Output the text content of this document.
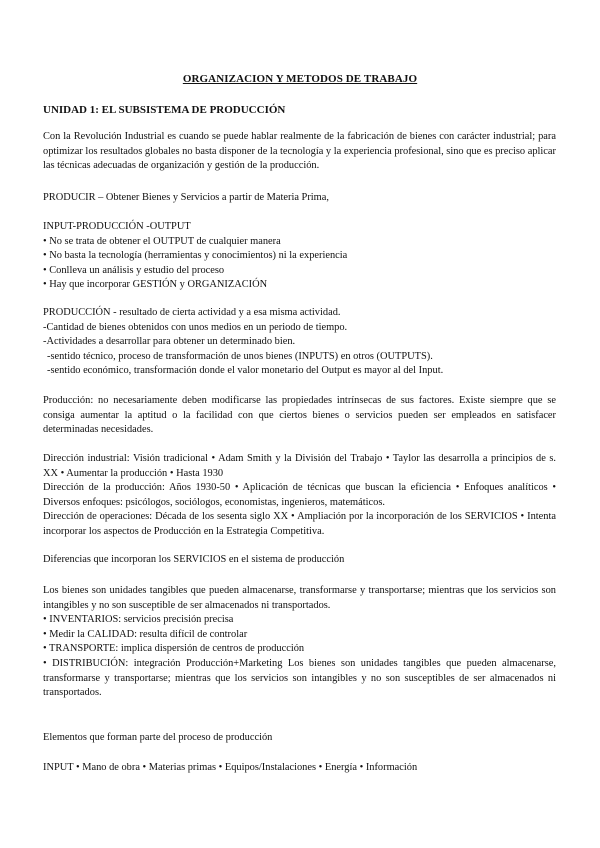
ORGANIZACION Y METODOS DE TRABAJO
UNIDAD 1: EL SUBSISTEMA DE PRODUCCIÓN

Con la Revolución Industrial es cuando se puede hablar realmente de la fabricación de bienes con carácter industrial; para optimizar los resultados globales no basta disponer de la tecnología y la experiencia profesional, sino que es preciso aplicar las técnicas adecuadas de organización y gestión de la producción.

PRODUCIR – Obtener Bienes y Servicios a partir de Materia Prima,

INPUT-PRODUCCIÓN -OUTPUT
• No se trata de obtener el OUTPUT de cualquier manera
• No basta la tecnología (herramientas y conocimientos) ni la experiencia
• Conlleva un análisis y estudio del proceso
• Hay que incorporar GESTIÓN y ORGANIZACIÓN
PRODUCCIÓN - resultado de cierta actividad y a esa misma actividad.
-Cantidad de bienes obtenidos con unos medios en un periodo de tiempo.
-Actividades a desarrollar para obtener un determinado bien.
-sentido técnico, proceso de transformación de unos bienes (INPUTS) en otros (OUTPUTS).
-sentido económico, transformación donde el valor monetario del Output es mayor al del Input.

Producción: no necesariamente deben modificarse las propiedades intrínsecas de sus factores. Existe siempre que se consiga aumentar la aptitud o la facilidad con que ciertos bienes o servicios pueden ser empleados en satisfacer determinadas necesidades.

Dirección industrial: Visión tradicional • Adam Smith y la División del Trabajo • Taylor las desarrolla a principios de s. XX • Aumentar la producción • Hasta 1930
Dirección de la producción: Años 1930-50 • Aplicación de técnicas que buscan la eficiencia • Enfoques analíticos • Diversos enfoques: psicólogos, sociólogos, economistas, ingenieros, matemáticos.
Dirección de operaciones: Década de los sesenta siglo XX • Ampliación por la incorporación de los SERVICIOS • Intenta incorporar los aspectos de Producción en la Estrategia Competitiva.

Diferencias que incorporan los SERVICIOS en el sistema de producción

Los bienes son unidades tangibles que pueden almacenarse, transformarse y transportarse; mientras que los servicios son intangibles y no son susceptible de ser almacenados ni transportados.

• INVENTARIOS: servicios precisión precisa
• Medir la CALIDAD: resulta difícil de controlar
• TRANSPORTE: implica dispersión de centros de producción

• DISTRIBUCIÓN: integración Producción+Marketing Los bienes son unidades tangibles que pueden almacenarse, transformarse y transportarse; mientras que los servicios son intangibles y no son susceptibles de ser almacenados ni transportados.

Elementos que forman parte del proceso de producción

INPUT • Mano de obra • Materias primas • Equipos/Instalaciones • Energía • Información
